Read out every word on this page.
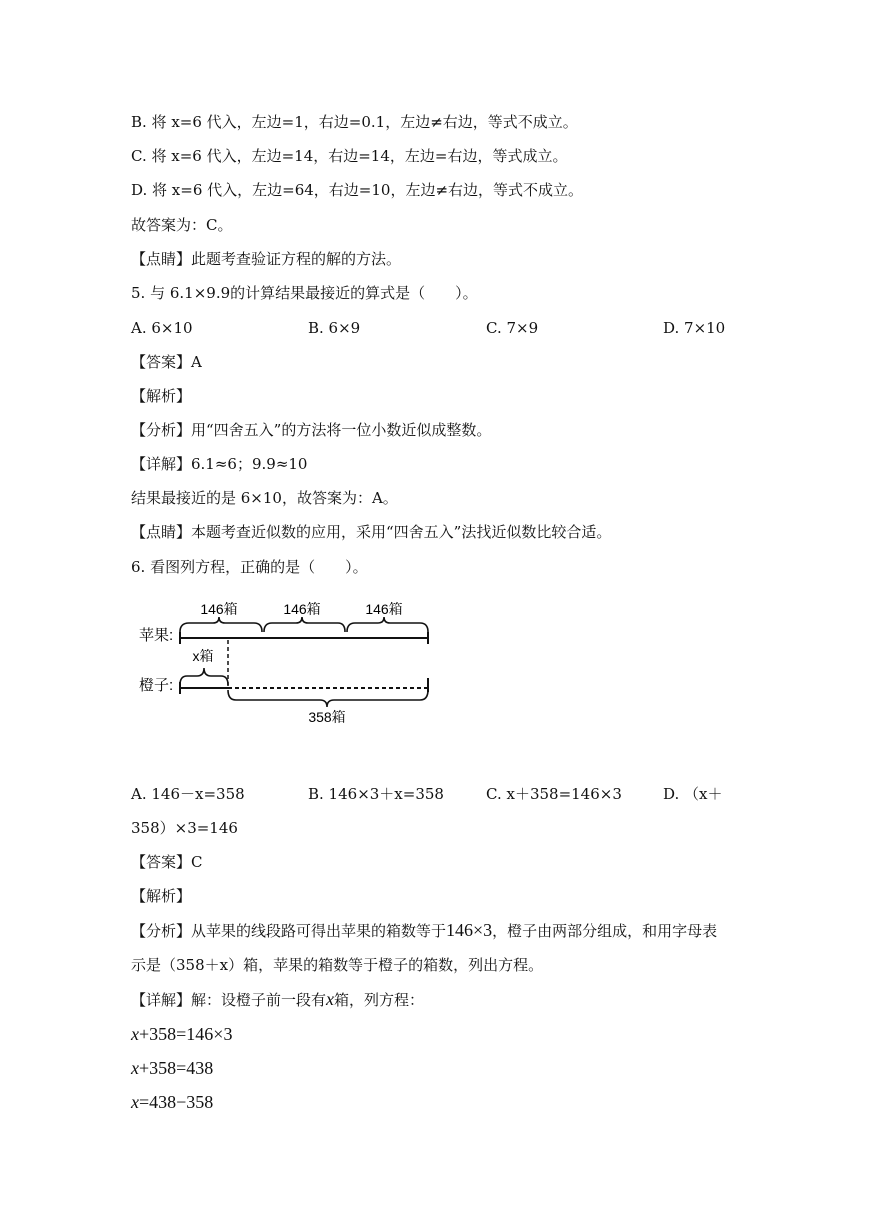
B. 将 x=6 代入，左边=1，右边=0.1，左边≠右边，等式不成立。
C. 将 x=6 代入，左边=14，右边=14，左边=右边，等式成立。
D. 将 x=6 代入，左边=64，右边=10，左边≠右边，等式不成立。
故答案为：C。
【点睛】此题考查验证方程的解的方法。
5. 与 6.1×9.9的计算结果最接近的算式是（　　）。
A. 6×10	B. 6×9	C. 7×9	D. 7×10
【答案】A
【解析】
【分析】用“四舍五入”的方法将一位小数近似成整数。
【详解】6.1≈6；9.9≈10
结果最接近的是 6×10，故答案为：A。
【点睛】本题考查近似数的应用，采用“四舍五入”法找近似数比较合适。
6. 看图列方程，正确的是（　　）。
146箱	146箱	146箱
苹果:
x箱
橙子:
358箱
A. 146－x=358	B. 146×3＋x=358	C. x＋358=146×3	D. （x＋
358）×3=146
【答案】C
【解析】
【分析】从苹果的线段路可得出苹果的箱数等于146×3，橙子由两部分组成，和用字母表
示是（358＋x）箱，苹果的箱数等于橙子的箱数，列出方程。
【详解】解：设橙子前一段有x箱，列方程：
x+358=146×3
x+358=438
x=438−358
